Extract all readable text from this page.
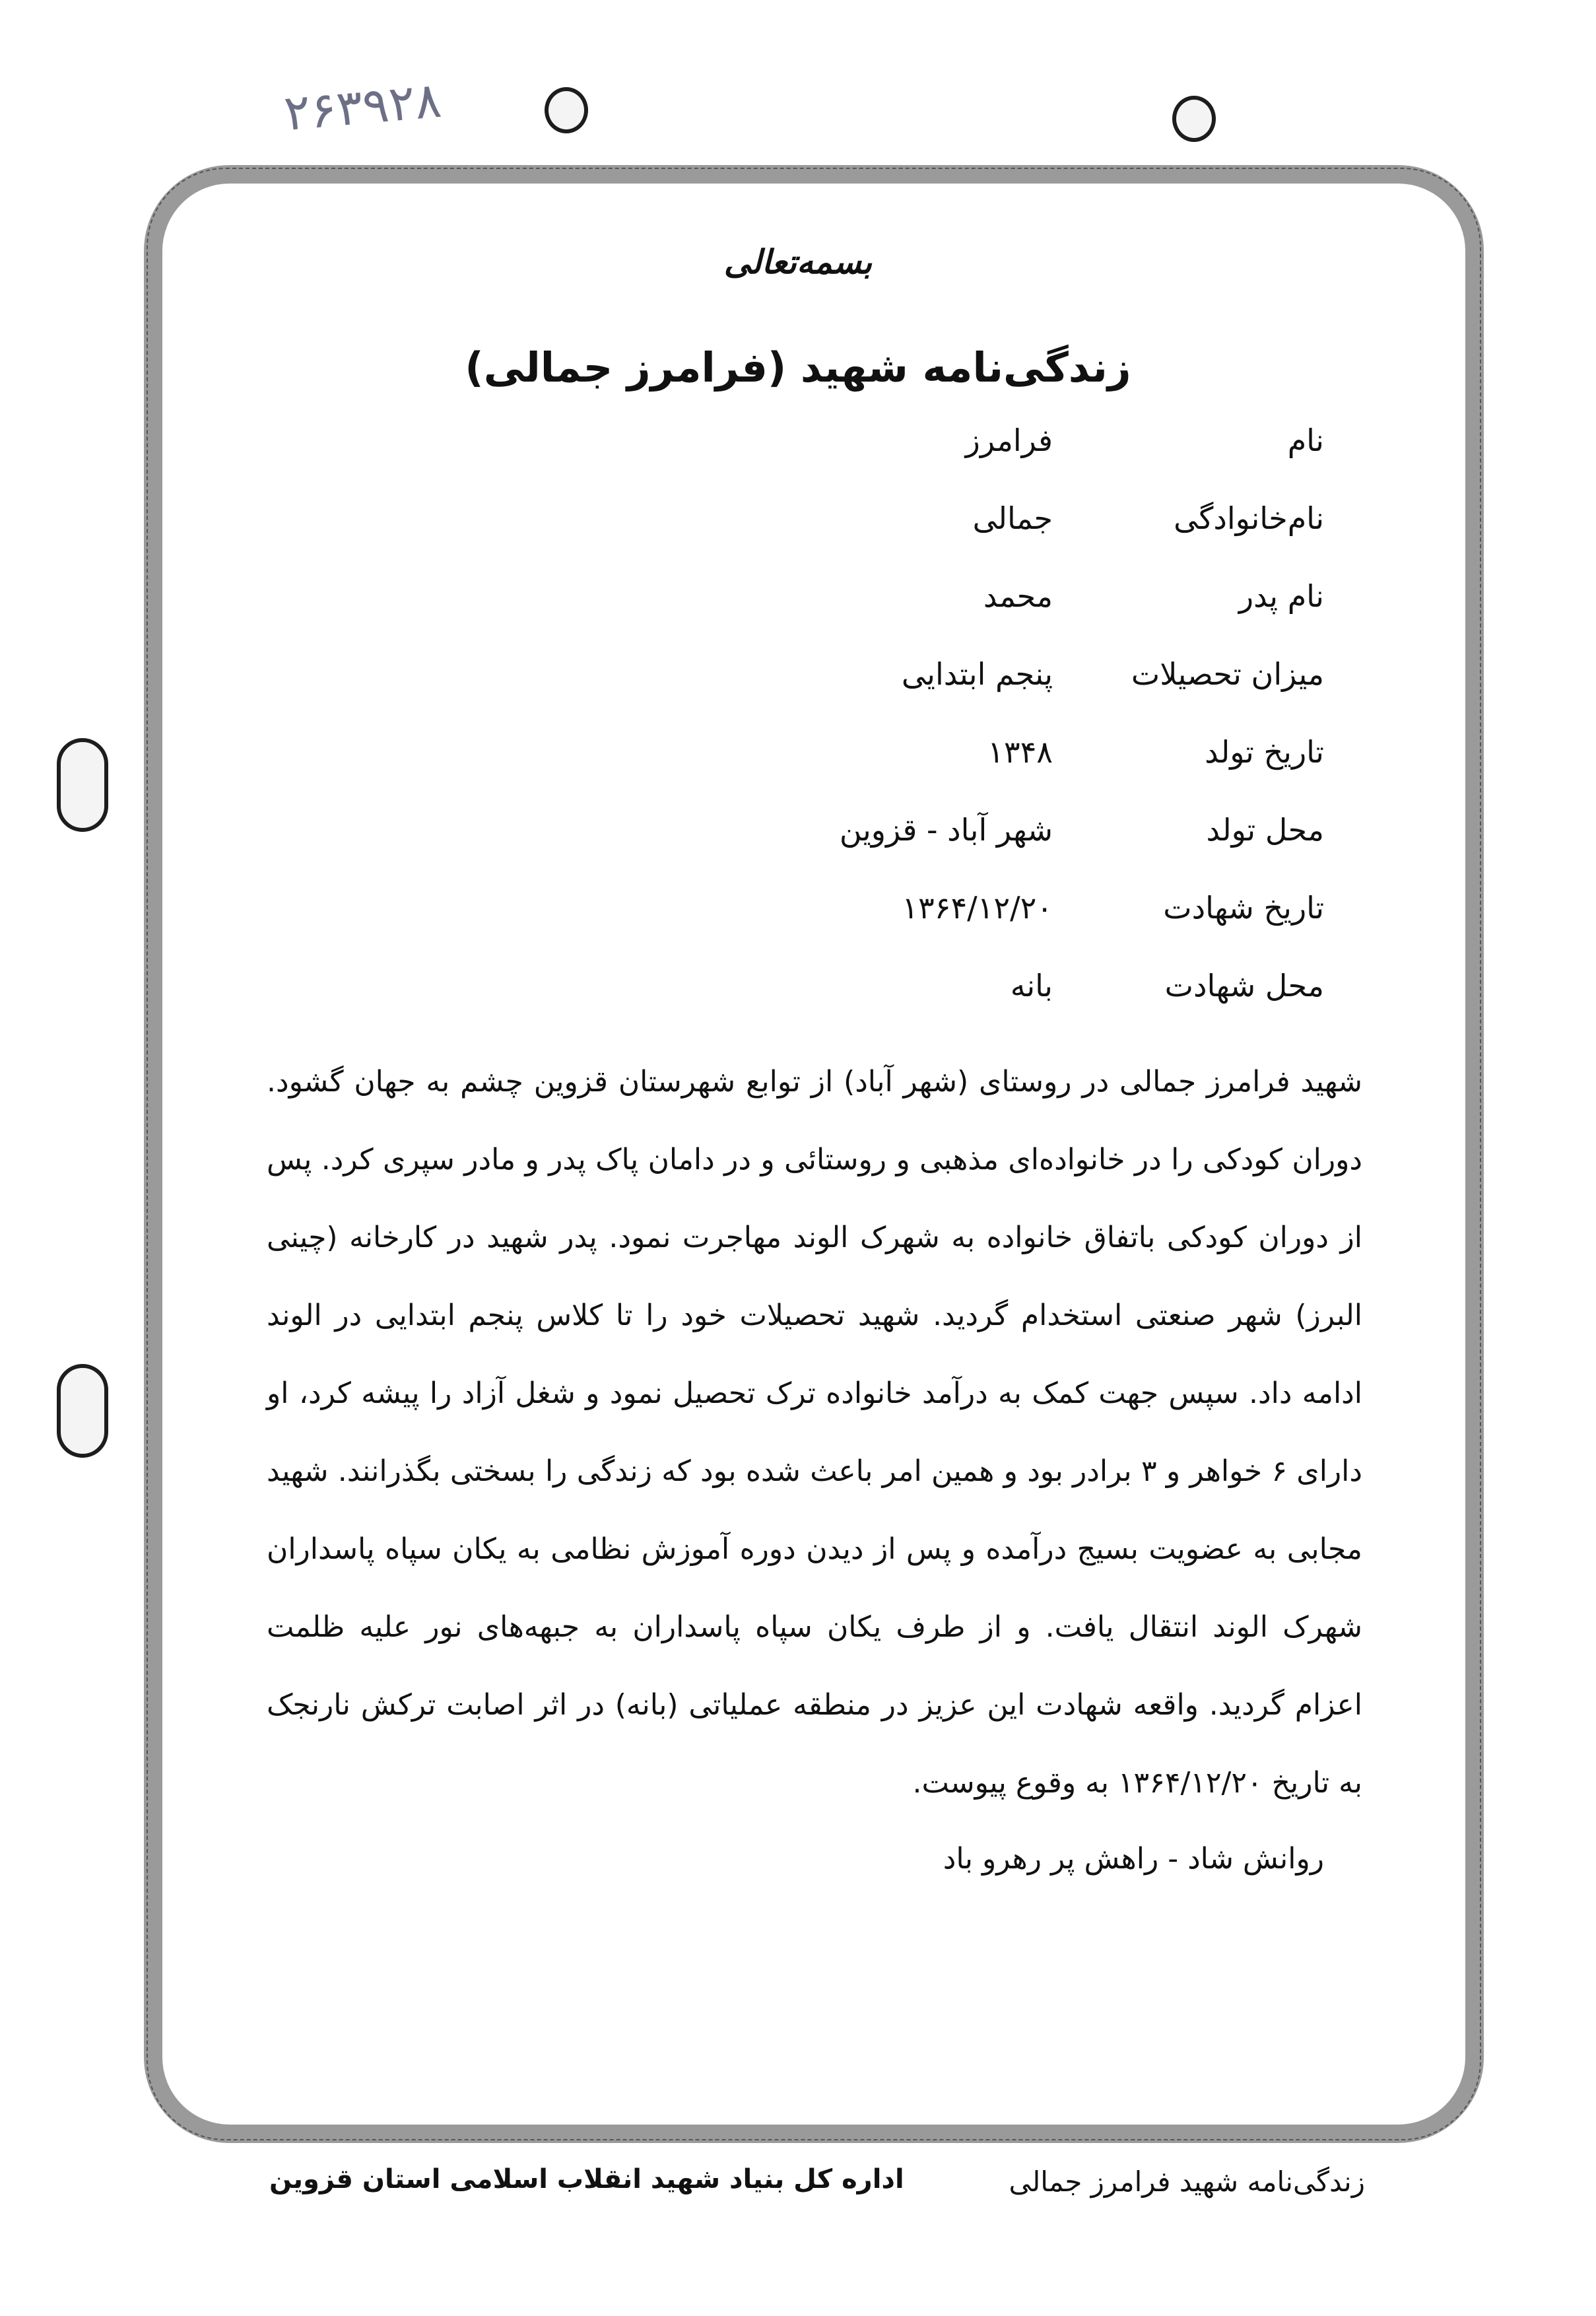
۲۶۳۹۲۸
بسمه‌تعالی
زندگی‌نامه شهید (فرامرز جمالی)
نام
فرامرز
نام‌خانوادگی
جمالی
نام پدر
محمد
میزان تحصیلات
پنجم ابتدایی
تاریخ تولد
۱۳۴۸
محل تولد
شهر آباد - قزوین
تاریخ شهادت
۱۳۶۴/۱۲/۲۰
محل شهادت
بانه
شهید فرامرز جمالی در روستای (شهر آباد) از توابع شهرستان قزوین چشم به جهان گشود. دوران کودکی را در خانواده‌ای مذهبی و روستائی و در دامان پاک پدر و مادر سپری کرد. پس از دوران کودکی باتفاق خانواده به شهرک الوند مهاجرت نمود. پدر شهید در کارخانه (چینی البرز) شهر صنعتی استخدام گردید. شهید تحصیلات خود را تا کلاس پنجم ابتدایی در الوند ادامه داد. سپس جهت کمک به درآمد خانواده ترک تحصیل نمود و شغل آزاد را پیشه کرد، او دارای ۶ خواهر و ۳ برادر بود و همین امر باعث شده بود که زندگی را بسختی بگذرانند. شهید مجابی به عضویت بسیج درآمده و پس از دیدن دوره آموزش نظامی به یکان سپاه پاسداران شهرک الوند انتقال یافت. و از طرف یکان سپاه پاسداران به جبهه‌های نور علیه ظلمت اعزام گردید. واقعه شهادت این عزیز در منطقه عملیاتی (بانه) در اثر اصابت ترکش نارنجک به تاریخ ۱۳۶۴/۱۲/۲۰ به وقوع پیوست.
روانش شاد - راهش پر رهرو باد
زندگی‌نامه شهید فرامرز جمالی
اداره کل بنیاد شهید انقلاب اسلامی استان قزوین
